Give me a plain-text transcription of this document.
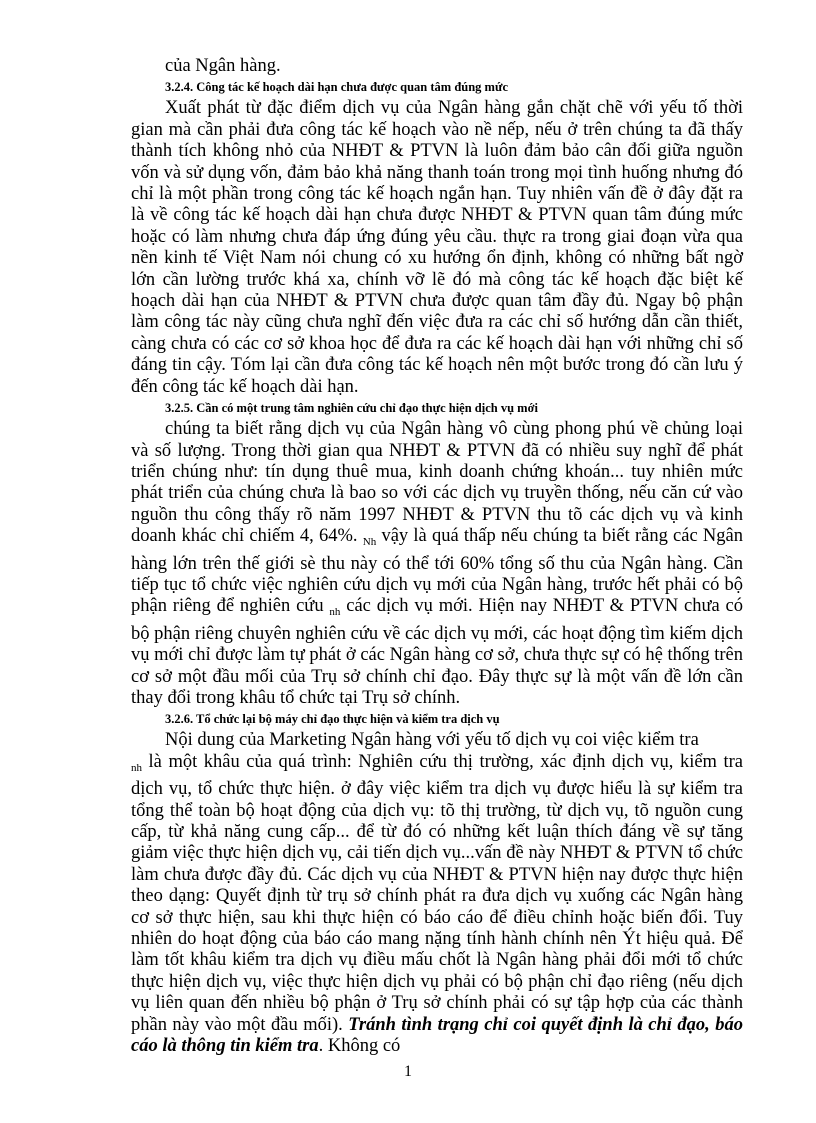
của Ngân hàng.

3.2.4. Công tác kế hoạch dài hạn chưa được quan tâm đúng mức

Xuất phát từ đặc điểm dịch vụ của Ngân hàng gắn chặt chẽ với yếu tố thời gian mà cần phải đưa công tác kế hoạch vào nề nếp, nếu ở trên chúng ta đã thấy thành tích không nhỏ của NHĐT & PTVN là luôn đảm bảo cân đối giữa nguồn vốn và sử dụng vốn, đảm bảo khả năng thanh toán trong mọi tình huống nhưng đó chỉ là một phần trong công tác kế hoạch ngắn hạn. Tuy nhiên vấn đề ở đây đặt ra là về công tác kế hoạch dài hạn chưa được NHĐT & PTVN quan tâm đúng mức hoặc có làm nhưng chưa đáp ứng đúng yêu cầu. thực ra trong giai đoạn vừa qua nền kinh tế Việt Nam nói chung có xu hướng ổn định, không có những bất ngờ lớn cần lường trước khá xa, chính vỡ lẽ đó mà công tác kế hoạch đặc biệt kế hoạch dài hạn của NHĐT & PTVN chưa được quan tâm đầy đủ. Ngay bộ phận làm công tác này cũng chưa nghĩ đến việc đưa ra các chỉ số hướng dẫn cần thiết, càng chưa có các cơ sở khoa học để đưa ra các kế hoạch dài hạn với những chỉ số đáng tin cậy. Tóm lại cần đưa công tác kế hoạch nên một bước trong đó cần lưu ý đến công tác kế hoạch dài hạn.

3.2.5. Cần có một trung tâm nghiên cứu chỉ đạo thực hiện dịch vụ mới

chúng ta biết rằng dịch vụ của Ngân hàng vô cùng phong phú về chủng loại và số lượng. Trong thời gian qua NHĐT & PTVN đã có nhiều suy nghĩ để phát triển chúng như: tín dụng thuê mua, kinh doanh chứng khoán... tuy nhiên mức phát triển của chúng chưa là bao so với các dịch vụ truyền thống, nếu căn cứ vào nguồn thu công thấy rõ năm 1997 NHĐT & PTVN thu tõ các dịch vụ và kinh doanh khác chỉ chiếm 4, 64%. $_{Nh}$ vậy là quá thấp nếu chúng ta biết rằng các Ngân hàng lớn trên thế giới sè thu này có thể tới 60% tổng số thu của Ngân hàng. Cần tiếp tục tổ chức việc nghiên cứu dịch vụ mới của Ngân hàng, trước hết phải có bộ phận riêng để nghiên cứu $_{nh}$ các dịch vụ mới. Hiện nay NHĐT & PTVN chưa có bộ phận riêng chuyên nghiên cứu về các dịch vụ mới, các hoạt động tìm kiếm dịch vụ mới chỉ được làm tự phát ở các Ngân hàng cơ sở, chưa thực sự có hệ thống trên cơ sở một đầu mối của Trụ sở chính chỉ đạo. Đây thực sự là một vấn đề lớn cần thay đổi trong khâu tổ chức tại Trụ sở chính.

3.2.6. Tổ chức lại bộ máy chỉ đạo thực hiện và kiểm tra dịch vụ

Nội dung của Marketing Ngân hàng với yếu tố dịch vụ coi việc kiểm tra

$_{nh}$ là một khâu của quá trình: Nghiên cứu thị trường, xác định dịch vụ, kiểm tra dịch vụ, tổ chức thực hiện. ở đây việc kiểm tra dịch vụ được hiểu là sự kiểm tra tổng thể toàn bộ hoạt động của dịch vụ: tõ thị trường, từ dịch vụ, tõ nguồn cung cấp, từ khả năng cung cấp... để từ đó có những kết luận thích đáng về sự tăng giảm việc thực hiện dịch vụ, cải tiến dịch vụ...vấn đề này NHĐT & PTVN tổ chức làm chưa được đầy đủ. Các dịch vụ của NHĐT & PTVN hiện nay được thực hiện theo dạng: Quyết định từ trụ sở chính phát ra đưa dịch vụ xuống các Ngân hàng cơ sở thực hiện, sau khi thực hiện có báo cáo để điều chỉnh hoặc biến đổi. Tuy nhiên do hoạt động của báo cáo mang nặng tính hành chính nên Ýt hiệu quả. Để làm tốt khâu kiểm tra dịch vụ điều mấu chốt là Ngân hàng phải đổi mới tổ chức thực hiện dịch vụ, việc thực hiện dịch vụ phải có bộ phận chỉ đạo riêng (nếu dịch vụ liên quan đến nhiều bộ phận ở Trụ sở chính phải có sự tập hợp của các thành phần này vào một đầu mối). Tránh tình trạng chỉ coi quyết định là chỉ đạo, báo cáo là thông tin kiểm tra. Không có

1
